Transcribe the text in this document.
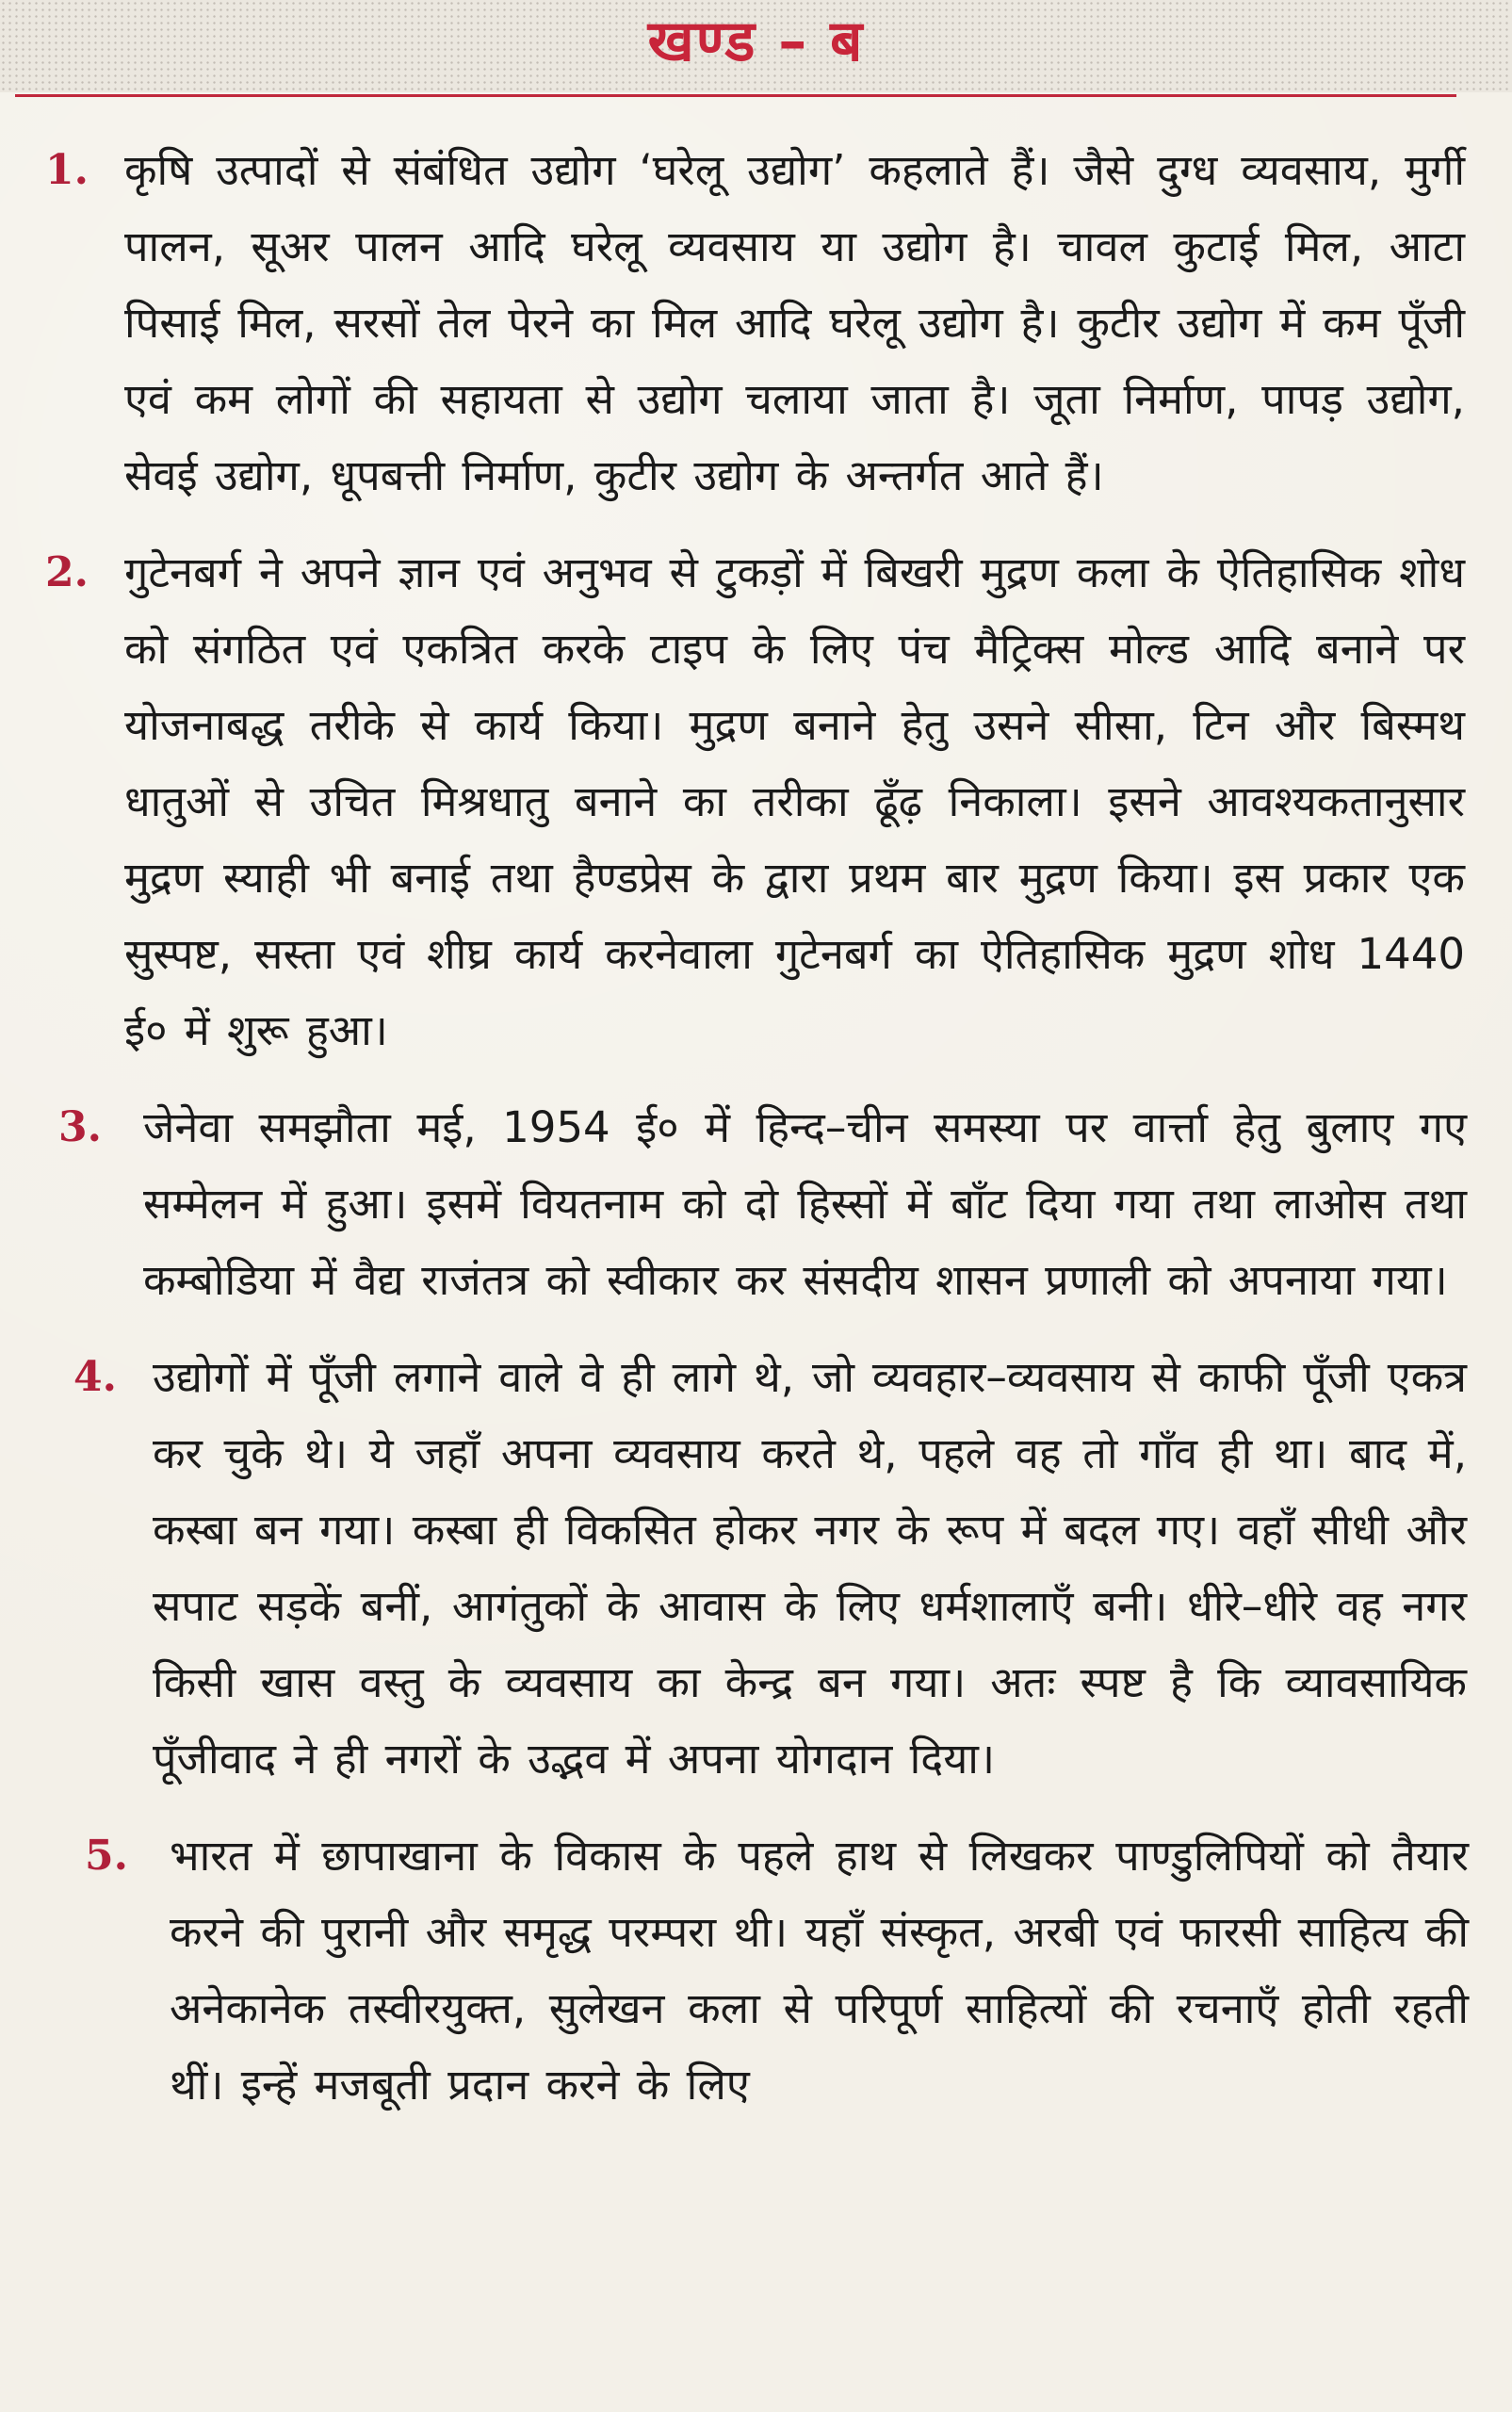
खण्ड – ब
1. कृषि उत्पादों से संबंधित उद्योग ‘घरेलू उद्योग’ कहलाते हैं। जैसे दुग्ध व्यवसाय, मुर्गी पालन, सूअर पालन आदि घरेलू व्यवसाय या उद्योग है। चावल कुटाई मिल, आटा पिसाई मिल, सरसों तेल पेरने का मिल आदि घरेलू उद्योग है। कुटीर उद्योग में कम पूँजी एवं कम लोगों की सहायता से उद्योग चलाया जाता है। जूता निर्माण, पापड़ उद्योग, सेवई उद्योग, धूपबत्ती निर्माण, कुटीर उद्योग के अन्तर्गत आते हैं।
2. गुटेनबर्ग ने अपने ज्ञान एवं अनुभव से टुकड़ों में बिखरी मुद्रण कला के ऐतिहासिक शोध को संगठित एवं एकत्रित करके टाइप के लिए पंच मैट्रिक्स मोल्ड आदि बनाने पर योजनाबद्ध तरीके से कार्य किया। मुद्रण बनाने हेतु उसने सीसा, टिन और बिस्मथ धातुओं से उचित मिश्रधातु बनाने का तरीका ढूँढ़ निकाला। इसने आवश्यकतानुसार मुद्रण स्याही भी बनाई तथा हैण्डप्रेस के द्वारा प्रथम बार मुद्रण किया। इस प्रकार एक सुस्पष्ट, सस्ता एवं शीघ्र कार्य करनेवाला गुटेनबर्ग का ऐतिहासिक मुद्रण शोध 1440 ई० में शुरू हुआ।
3. जेनेवा समझौता मई, 1954 ई० में हिन्द–चीन समस्या पर वार्त्ता हेतु बुलाए गए सम्मेलन में हुआ। इसमें वियतनाम को दो हिस्सों में बाँट दिया गया तथा लाओस तथा कम्बोडिया में वैद्य राजंतत्र को स्वीकार कर संसदीय शासन प्रणाली को अपनाया गया।
4. उद्योगों में पूँजी लगाने वाले वे ही लागे थे, जो व्यवहार–व्यवसाय से काफी पूँजी एकत्र कर चुके थे। ये जहाँ अपना व्यवसाय करते थे, पहले वह तो गाँव ही था। बाद में, कस्बा बन गया। कस्बा ही विकसित होकर नगर के रूप में बदल गए। वहाँ सीधी और सपाट सड़कें बनीं, आगंतुकों के आवास के लिए धर्मशालाएँ बनी। धीरे–धीरे वह नगर किसी खास वस्तु के व्यवसाय का केन्द्र बन गया। अतः स्पष्ट है कि व्यावसायिक पूँजीवाद ने ही नगरों के उद्भव में अपना योगदान दिया।
5. भारत में छापाखाना के विकास के पहले हाथ से लिखकर पाण्डुलिपियों को तैयार करने की पुरानी और समृद्ध परम्परा थी। यहाँ संस्कृत, अरबी एवं फारसी साहित्य की अनेकानेक तस्वीरयुक्त, सुलेखन कला से परिपूर्ण साहित्यों की रचनाएँ होती रहती थीं। इन्हें मजबूती प्रदान करने के लिए
